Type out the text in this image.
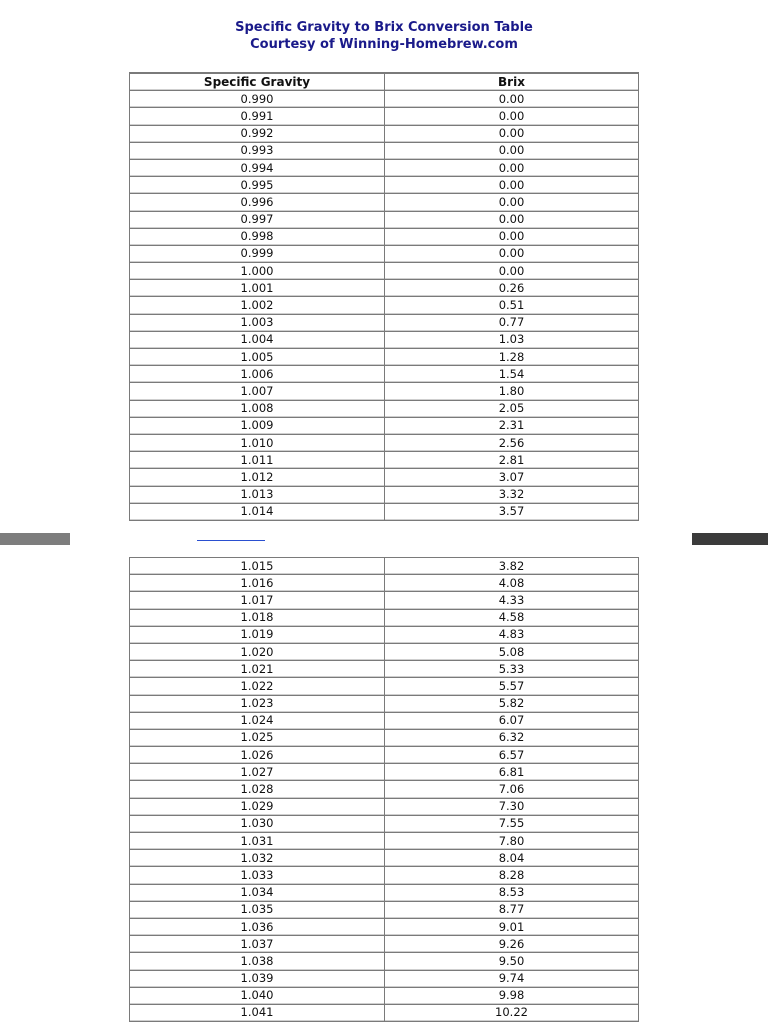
Specific Gravity to Brix Conversion Table
Courtesy of Winning-Homebrew.com
Specific Gravity	Brix
0.990	0.00
0.991	0.00
0.992	0.00
0.993	0.00
0.994	0.00
0.995	0.00
0.996	0.00
0.997	0.00
0.998	0.00
0.999	0.00
1.000	0.00
1.001	0.26
1.002	0.51
1.003	0.77
1.004	1.03
1.005	1.28
1.006	1.54
1.007	1.80
1.008	2.05
1.009	2.31
1.010	2.56
1.011	2.81
1.012	3.07
1.013	3.32
1.014	3.57
1.015	3.82
1.016	4.08
1.017	4.33
1.018	4.58
1.019	4.83
1.020	5.08
1.021	5.33
1.022	5.57
1.023	5.82
1.024	6.07
1.025	6.32
1.026	6.57
1.027	6.81
1.028	7.06
1.029	7.30
1.030	7.55
1.031	7.80
1.032	8.04
1.033	8.28
1.034	8.53
1.035	8.77
1.036	9.01
1.037	9.26
1.038	9.50
1.039	9.74
1.040	9.98
1.041	10.22
